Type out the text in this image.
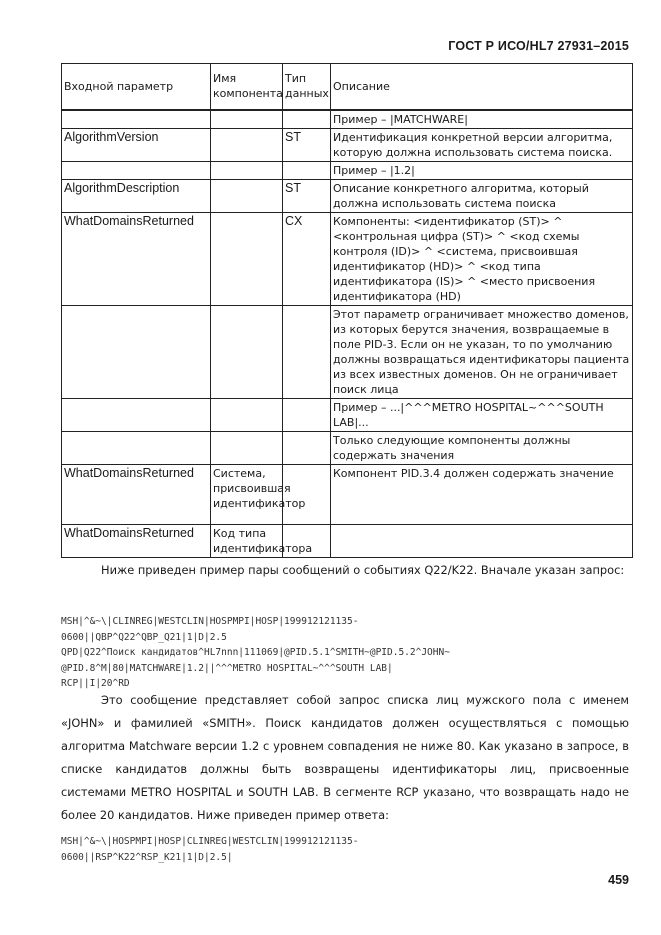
ГОСТ Р ИСО/HL7 27931–2015
Входной параметр	Имя компонента	Тип данных	Описание
			Пример – |MATCHWARE|
AlgorithmVersion		ST	Идентификация конкретной версии алгоритма, которую должна использовать система поиска.
			Пример – |1.2|
AlgorithmDescription		ST	Описание конкретного алгоритма, который должна использовать система поиска
WhatDomainsReturned		CX	Компоненты: <идентификатор (ST)> ^ <контрольная цифра (ST)> ^ <код схемы контроля (ID)> ^ <система, присвоившая идентификатор (HD)> ^ <код типа идентификатора (IS)> ^ <место присвоения идентификатора (HD)
			Этот параметр ограничивает множество доменов, из которых берутся значения, возвращаемые в поле PID-3. Если он не указан, то по умолчанию должны возвращаться идентификаторы пациента из всех известных доменов. Он не ограничивает поиск лица
			Пример – ...|^^^METRO HOSPITAL~^^^SOUTH LAB|...
			Только следующие компоненты должны содержать значения
WhatDomainsReturned	Система, присвоившая идентификатор		Компонент PID.3.4 должен содержать значение
WhatDomainsReturned	Код типа идентификатора		

Ниже приведен пример пары сообщений о событиях Q22/K22. Вначале указан запрос:

MSH|^&~\|CLINREG|WESTCLIN|HOSPMPI|HOSP|199912121135-
0600||QBP^Q22^QBP_Q21|1|D|2.5
QPD|Q22^Поиск кандидатов^HL7nnn|111069|@PID.5.1^SMITH~@PID.5.2^JOHN~
@PID.8^M|80|MATCHWARE|1.2||^^^METRO HOSPITAL~^^^SOUTH LAB|
RCP||I|20^RD

Это сообщение представляет собой запрос списка лиц мужского пола с именем «JOHN» и фамилией «SMITH». Поиск кандидатов должен осуществляться с помощью алгоритма Matchware версии 1.2 с уровнем совпадения не ниже 80. Как указано в запросе, в списке кандидатов должны быть возвращены идентификаторы лиц, присвоенные системами METRO HOSPITAL и SOUTH LAB. В сегменте RCP указано, что возвращать надо не более 20 кандидатов. Ниже приведен пример ответа:

MSH|^&~\|HOSPMPI|HOSP|CLINREG|WESTCLIN|199912121135-
0600||RSP^K22^RSP_K21|1|D|2.5|
459
